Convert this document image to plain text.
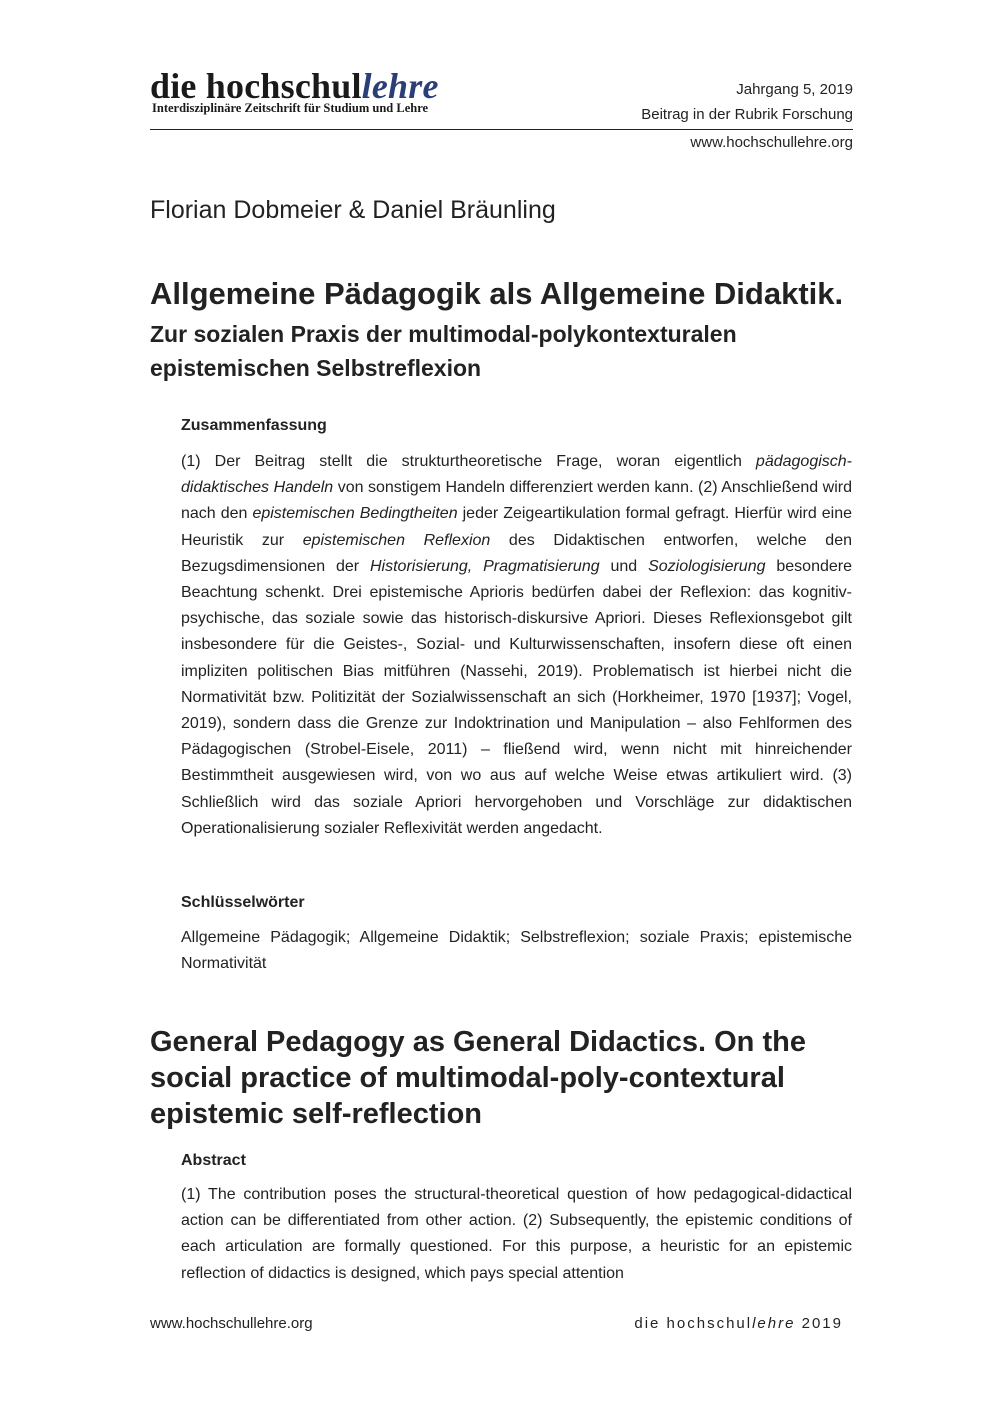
die hochschullehre
Interdisziplinäre Zeitschrift für Studium und Lehre
Jahrgang 5, 2019
Beitrag in der Rubrik Forschung
www.hochschullehre.org
Florian Dobmeier & Daniel Bräunling
Allgemeine Pädagogik als Allgemeine Didaktik.
Zur sozialen Praxis der multimodal-polykontexturalen epistemischen Selbstreflexion
Zusammenfassung

(1) Der Beitrag stellt die strukturtheoretische Frage, woran eigentlich pädagogisch-didaktisches Handeln von sonstigem Handeln differenziert werden kann. (2) Anschließend wird nach den epistemischen Bedingtheiten jeder Zeigeartikulation formal gefragt. Hierfür wird eine Heuristik zur epistemischen Reflexion des Didaktischen entworfen, welche den Bezugsdimensionen der Historisierung, Pragmatisierung und Soziologisierung besondere Beachtung schenkt. Drei epistemische Aprioris bedürfen dabei der Reflexion: das kognitiv-psychische, das soziale sowie das historisch-diskursive Apriori. Dieses Reflexionsgebot gilt insbesondere für die Geistes-, Sozial- und Kulturwissenschaften, insofern diese oft einen impliziten politischen Bias mitführen (Nassehi, 2019). Problematisch ist hierbei nicht die Normativität bzw. Politizität der Sozialwissenschaft an sich (Horkheimer, 1970 [1937]; Vogel, 2019), sondern dass die Grenze zur Indoktrination und Manipulation – also Fehlformen des Pädagogischen (Strobel-Eisele, 2011) – fließend wird, wenn nicht mit hinreichender Bestimmtheit ausgewiesen wird, von wo aus auf welche Weise etwas artikuliert wird. (3) Schließlich wird das soziale Apriori hervorgehoben und Vorschläge zur didaktischen Operationalisierung sozialer Reflexivität werden angedacht.

Schlüsselwörter

Allgemeine Pädagogik; Allgemeine Didaktik; Selbstreflexion; soziale Praxis; epistemische Normativität

General Pedagogy as General Didactics. On the social practice of multimodal-poly-contextural epistemic self-reflection
Abstract

(1) The contribution poses the structural-theoretical question of how pedagogical-didactical action can be differentiated from other action. (2) Subsequently, the epistemic conditions of each articulation are formally questioned. For this purpose, a heuristic for an epistemic reflection of didactics is designed, which pays special attention

www.hochschullehre.org	die hochschullehre 2019
